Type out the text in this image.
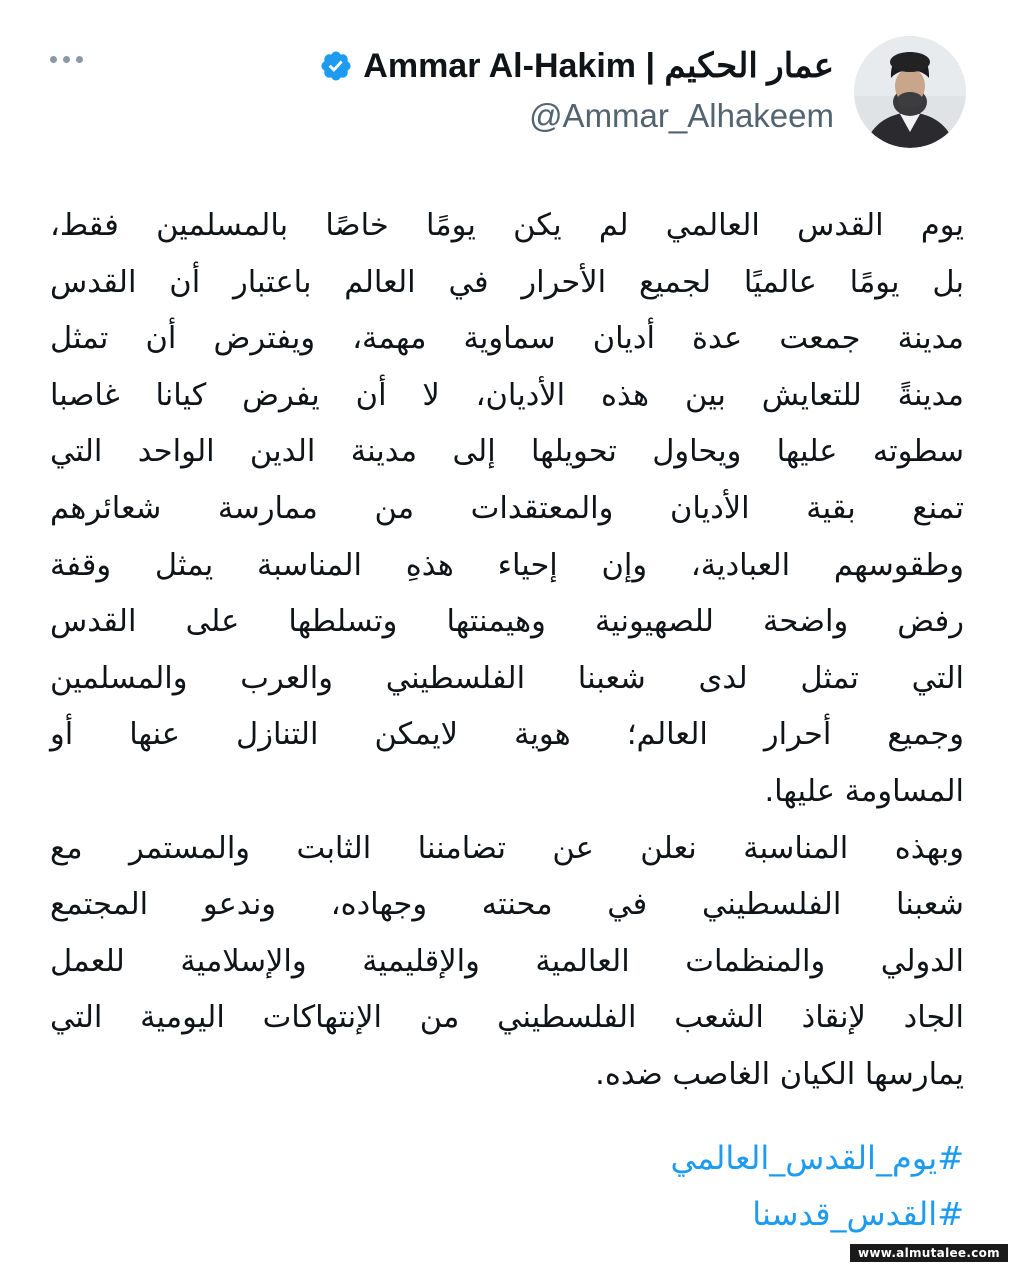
Ammar Al-Hakim | عمار الحكيم
@Ammar_Alhakeem
يوم القدس العالمي لم يكن يومًا خاصًا بالمسلمين فقط،
بل يومًا عالميًا لجميع الأحرار في العالم باعتبار أن القدس
مدينة جمعت عدة أديان سماوية مهمة، ويفترض أن تمثل
مدينةً للتعايش بين هذه الأديان، لا أن يفرض كيانا غاصبا
سطوته عليها ويحاول تحويلها إلى مدينة الدين الواحد التي
تمنع بقية الأديان والمعتقدات من ممارسة شعائرهم
وطقوسهم العبادية، وإن إحياء هذهِ المناسبة يمثل وقفة
رفض واضحة للصهيونية وهيمنتها وتسلطها على القدس
التي تمثل لدى شعبنا الفلسطيني والعرب والمسلمين
وجميع أحرار العالم؛ هوية لايمكن التنازل عنها أو
المساومة عليها.
وبهذه المناسبة نعلن عن تضامننا الثابت والمستمر مع
شعبنا الفلسطيني في محنته وجهاده، وندعو المجتمع
الدولي والمنظمات العالمية والإقليمية والإسلامية للعمل
الجاد لإنقاذ الشعب الفلسطيني من الإنتهاكات اليومية التي
يمارسها الكيان الغاصب ضده.
#يوم_القدس_العالمي
#القدس_قدسنا
www.almutalee.com
